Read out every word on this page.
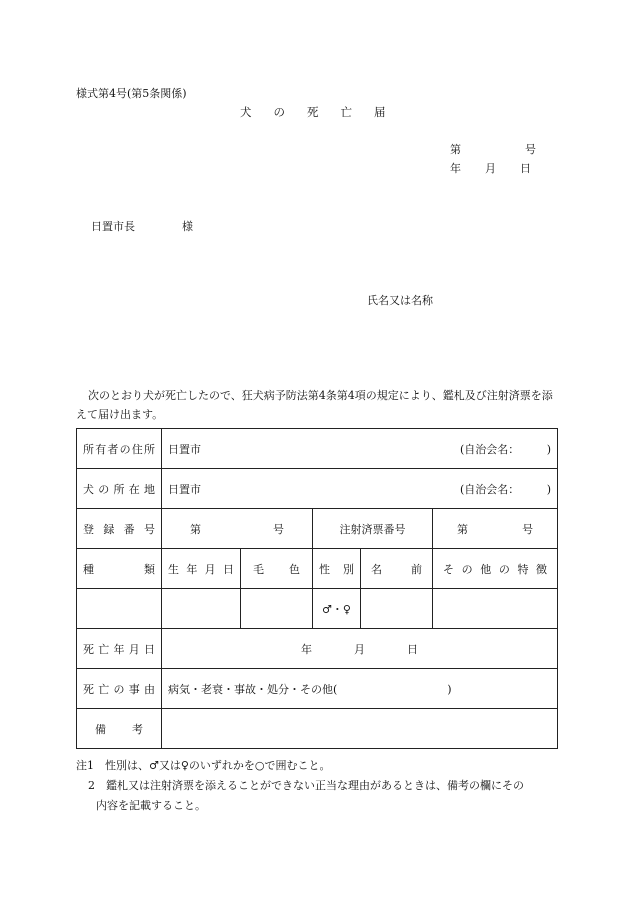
様式第4号(第5条関係)
犬の死亡届
第	号
年 月 日
日置市長	様
氏名又は名称
次のとおり犬が死亡したので、狂犬病予防法第4条第4項の規定により、鑑札及び注射済票を添えて届け出ます。
所有者の住所	日置市 (自治会名：　　　)				

犬の所在地	日置市 (自治会名：　　　)				

登録番号	第 号		注射済票番号		第 号

種類	生年月日	毛色	性別	名前	その他の特徴

			♂・♀		

死亡年月日	年 月 日				

死亡の事由	病気・老衰・事故・処分・その他(　　　　　　　　　　)				

備考					

注1　性別は、♂又は♀のいずれかを○で囲むこと。
2　鑑札又は注射済票を添えることができない正当な理由があるときは、備考の欄にその
内容を記載すること。
